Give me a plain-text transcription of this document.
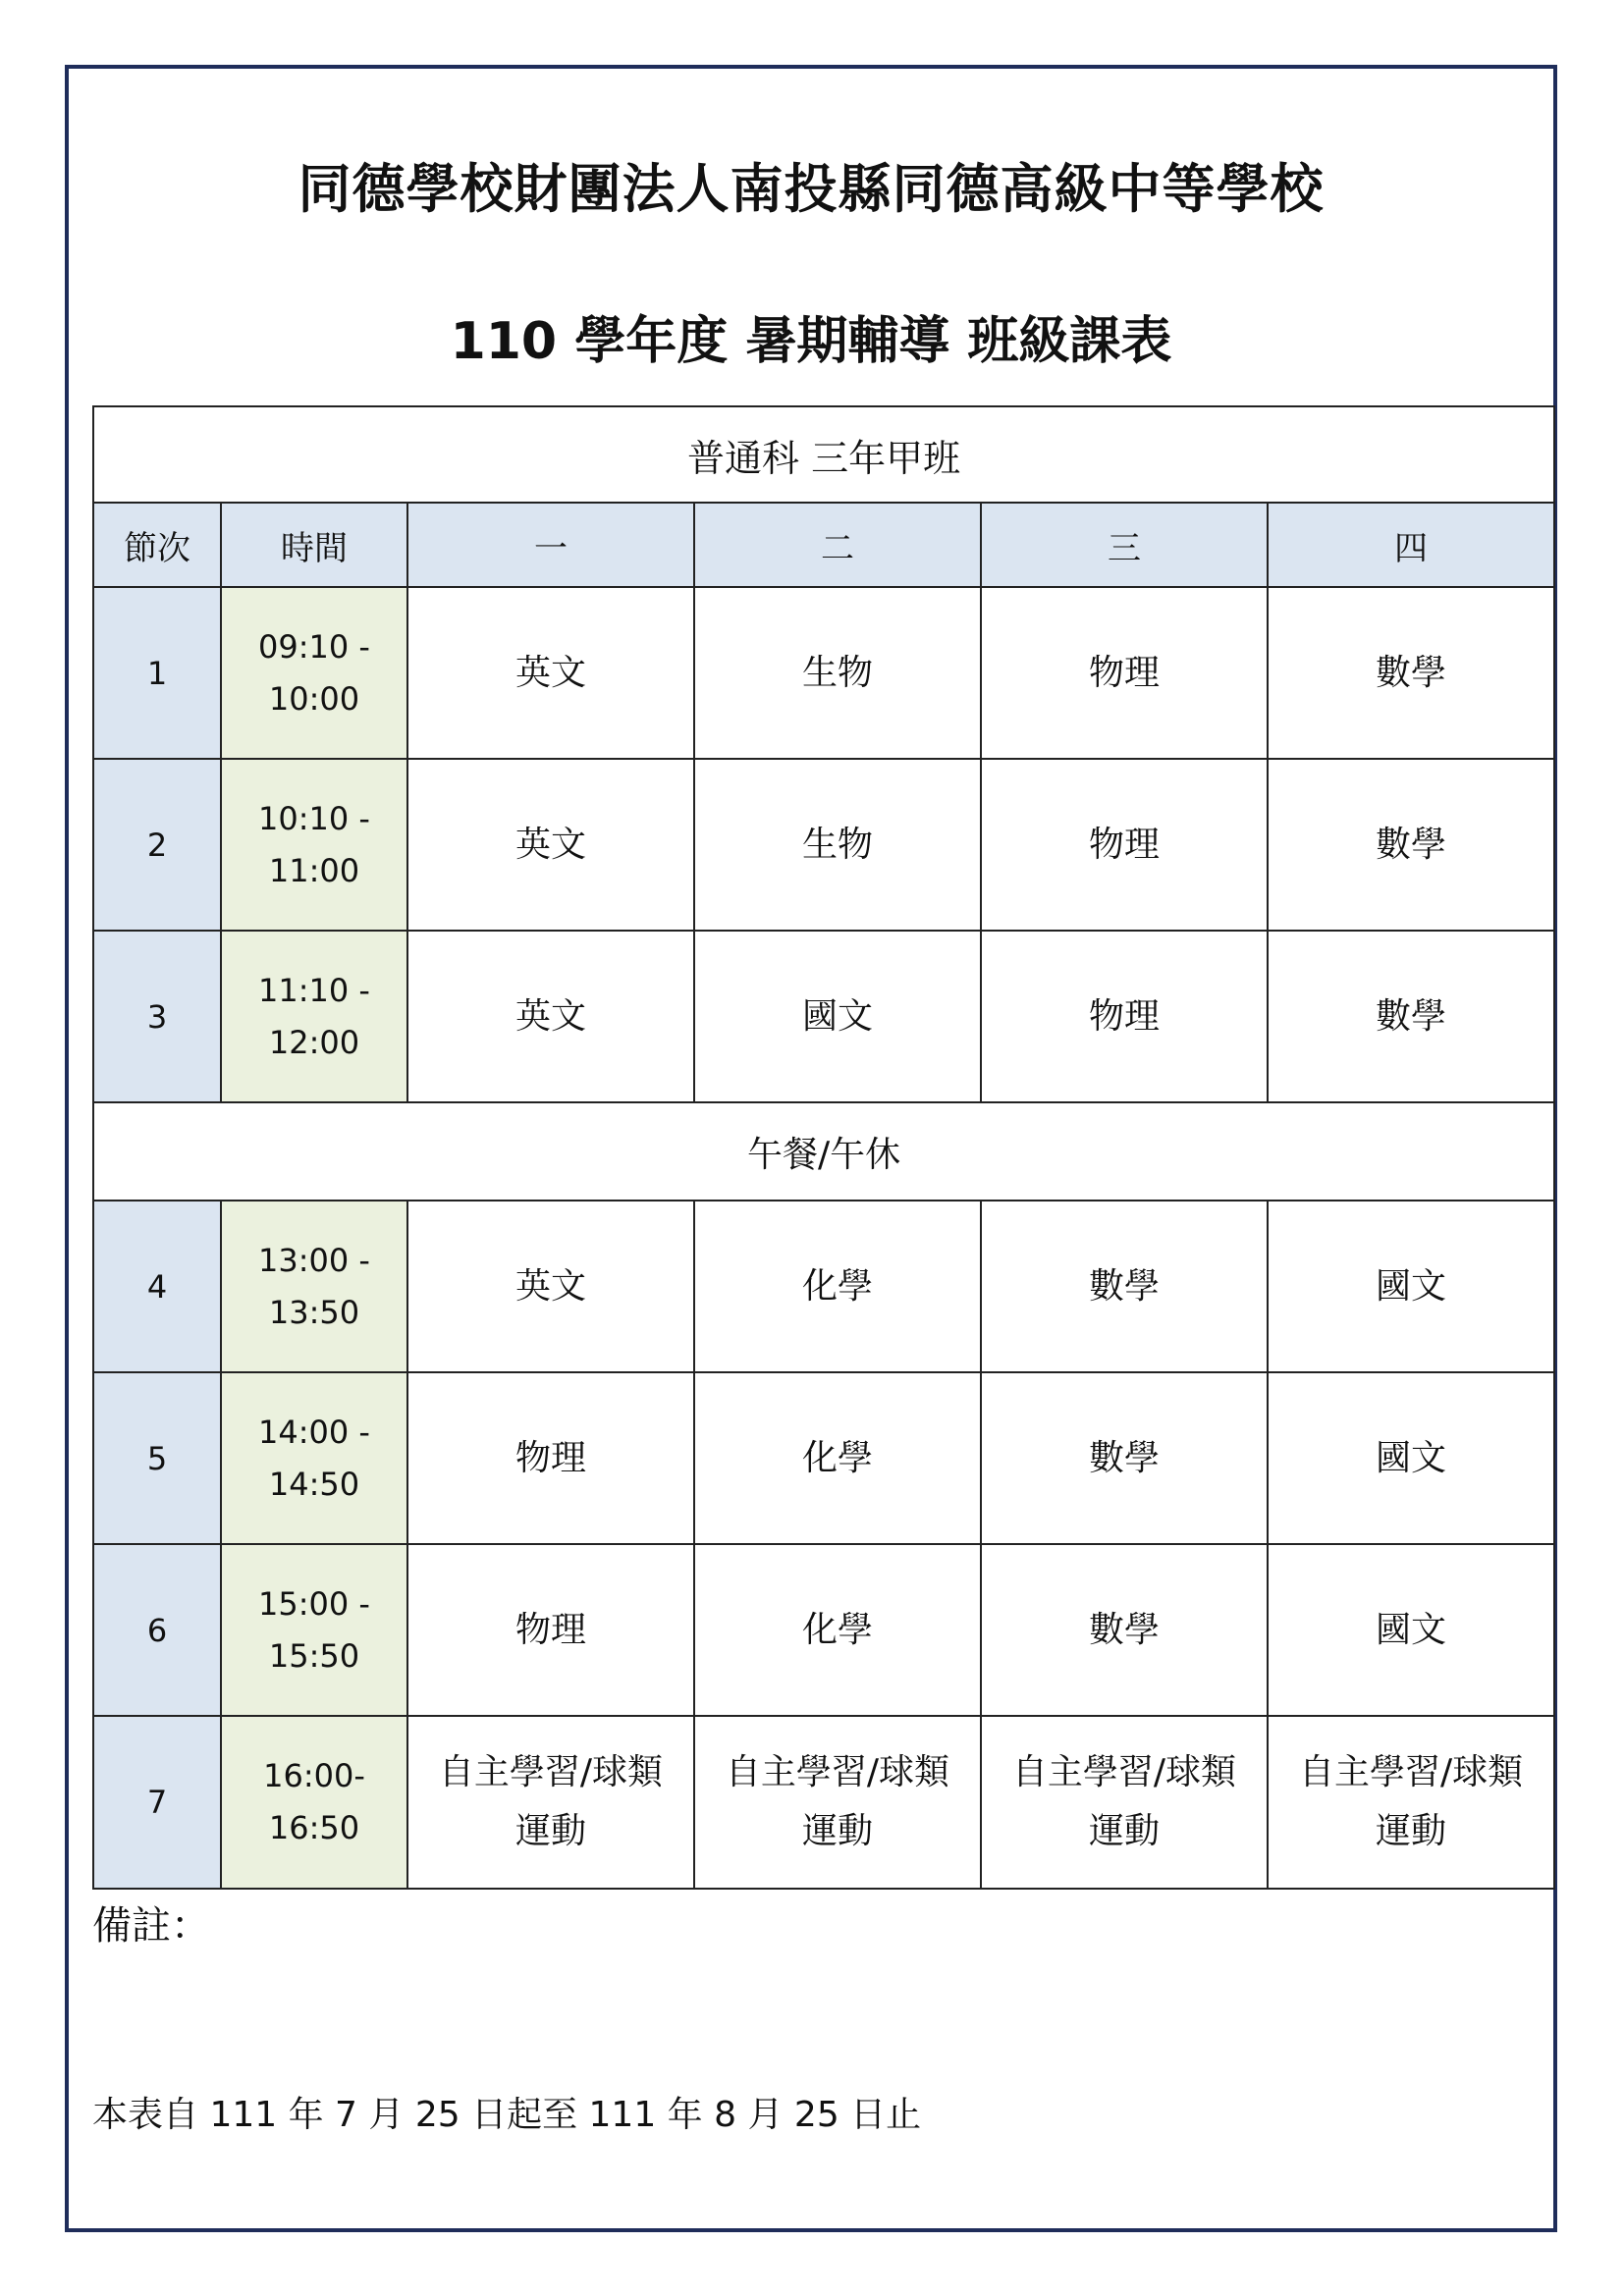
同德學校財團法人南投縣同德高級中等學校
110 學年度 暑期輔導 班級課表
普通科 三年甲班					
節次	時間	一	二	三	四
1	09:10 -
10:00	英文	生物	物理	數學
2	10:10 -
11:00	英文	生物	物理	數學
3	11:10 -
12:00	英文	國文	物理	數學
午餐/午休					
4	13:00 -
13:50	英文	化學	數學	國文
5	14:00 -
14:50	物理	化學	數學	國文
6	15:00 -
15:50	物理	化學	數學	國文
7	16:00-
16:50	自主學習/球類
運動	自主學習/球類
運動	自主學習/球類
運動	自主學習/球類
運動
備註：
本表自 111 年 7 月 25 日起至 111 年 8 月 25 日止
